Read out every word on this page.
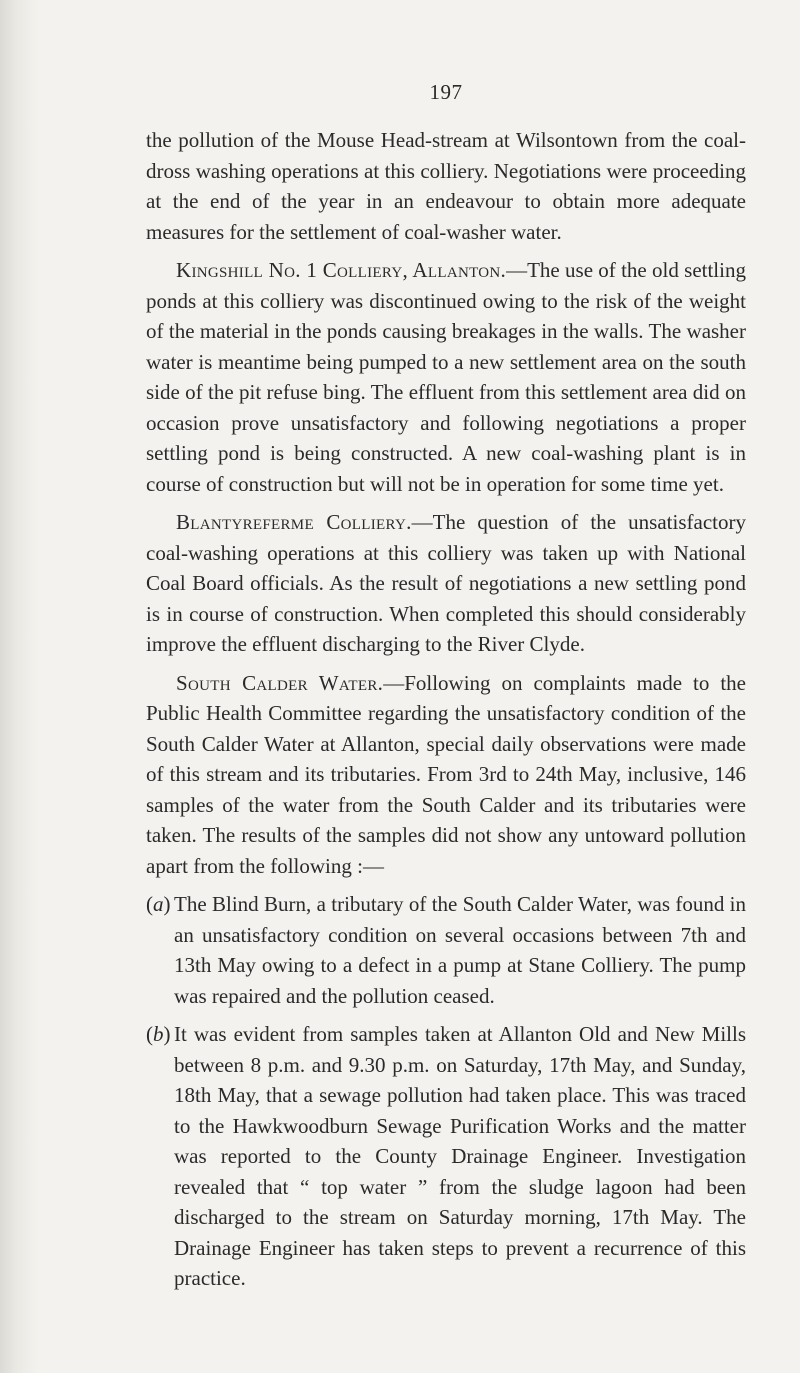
197

the pollution of the Mouse Head-stream at Wilsontown from the coal-dross washing operations at this colliery. Negotiations were proceeding at the end of the year in an endeavour to obtain more adequate measures for the settlement of coal-washer water.

Kingshill No. 1 Colliery, Allanton.—The use of the old settling ponds at this colliery was discontinued owing to the risk of the weight of the material in the ponds causing breakages in the walls. The washer water is meantime being pumped to a new settlement area on the south side of the pit refuse bing. The effluent from this settlement area did on occasion prove unsatisfactory and following negotiations a proper settling pond is being constructed. A new coal-washing plant is in course of construction but will not be in operation for some time yet.

Blantyreferme Colliery.—The question of the unsatisfactory coal-washing operations at this colliery was taken up with National Coal Board officials. As the result of negotiations a new settling pond is in course of construction. When completed this should considerably improve the effluent discharging to the River Clyde.

South Calder Water.—Following on complaints made to the Public Health Committee regarding the unsatisfactory condition of the South Calder Water at Allanton, special daily observations were made of this stream and its tributaries. From 3rd to 24th May, inclusive, 146 samples of the water from the South Calder and its tributaries were taken. The results of the samples did not show any untoward pollution apart from the following :—

(a) The Blind Burn, a tributary of the South Calder Water, was found in an unsatisfactory condition on several occasions between 7th and 13th May owing to a defect in a pump at Stane Colliery. The pump was repaired and the pollution ceased.

(b) It was evident from samples taken at Allanton Old and New Mills between 8 p.m. and 9.30 p.m. on Saturday, 17th May, and Sunday, 18th May, that a sewage pollution had taken place. This was traced to the Hawkwoodburn Sewage Purification Works and the matter was reported to the County Drainage Engineer. Investigation revealed that “ top water ” from the sludge lagoon had been discharged to the stream on Saturday morning, 17th May. The Drainage Engineer has taken steps to prevent a recurrence of this practice.
